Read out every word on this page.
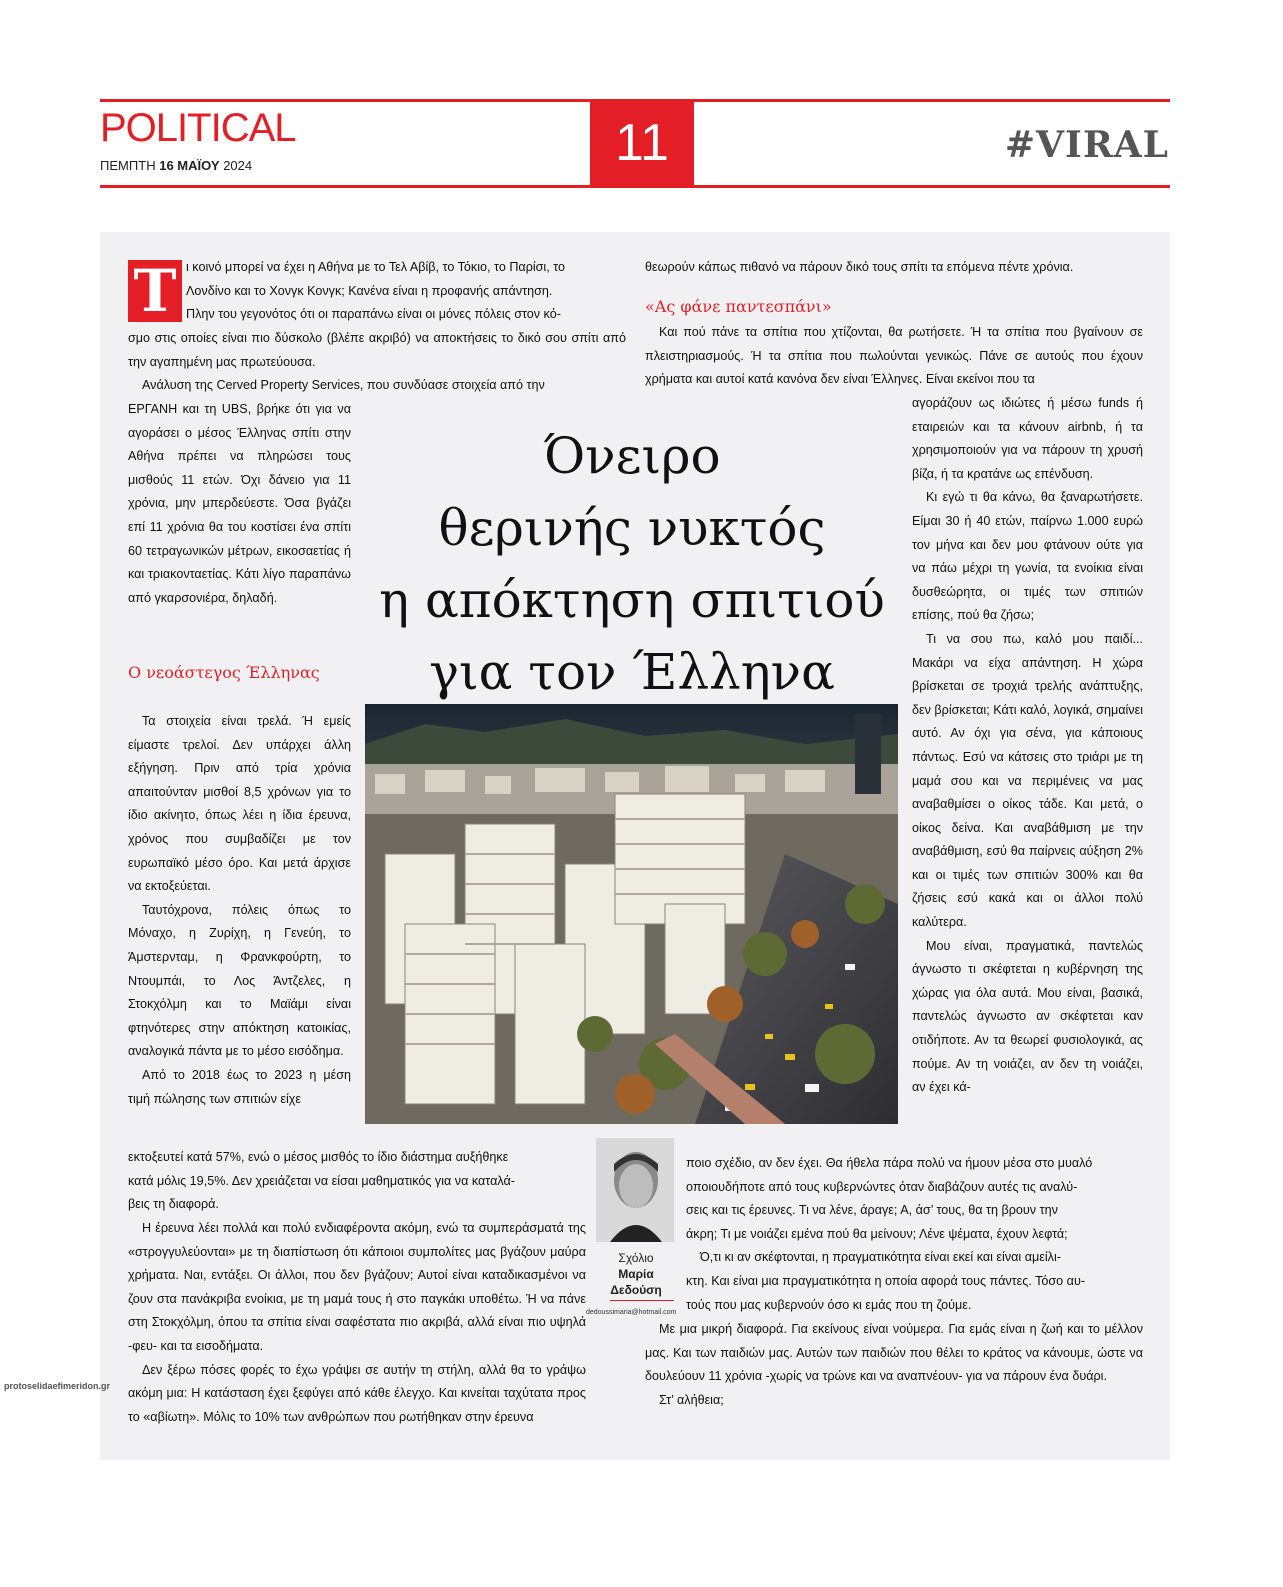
POLITICAL
ΠΕΜΠΤΗ 16 ΜΑΪΟΥ 2024	11	#VIRAL
Τ ι κοινό μπορεί να έχει η Αθήνα με το Τελ Αβίβ, το Τόκιο, το Παρίσι, το
Λονδίνο και το Χονγκ Κονγκ; Κανένα είναι η προφανής απάντηση.
Πλην του γεγονότος ότι οι παραπάνω είναι οι μόνες πόλεις στον κό-

σμο στις οποίες είναι πιο δύσκολο (βλέπε ακριβό) να αποκτήσεις το δικό σου σπίτι από την αγαπημένη μας πρωτεύουσα.

Ανάλυση της Cerved Property Services, που συνδύασε στοιχεία από την

ΕΡΓΑΝΗ και τη UBS, βρήκε ότι για να αγοράσει ο μέσος Έλληνας σπίτι στην Αθήνα πρέπει να πληρώσει τους μισθούς 11 ετών. Όχι δάνειο για 11 χρόνια, μην μπερδεύεστε. Όσα βγάζει επί 11 χρόνια θα του κοστίσει ένα σπίτι 60 τετραγωνικών μέτρων, εικοσαετίας ή και τριακονταετίας. Κάτι λίγο παραπάνω από γκαρσονιέρα, δηλαδή.

Ο νεοάστεγος Έλληνας

Τα στοιχεία είναι τρελά. Ή εμείς είμαστε τρελοί. Δεν υπάρχει άλλη εξήγηση. Πριν από τρία χρόνια απαιτούνταν μισθοί 8,5 χρόνων για το ίδιο ακίνητο, όπως λέει η ίδια έρευνα, χρόνος που συμβαδίζει με τον ευρωπαϊκό μέσο όρο. Και μετά άρχισε να εκτοξεύεται.

Ταυτόχρονα, πόλεις όπως το Μόναχο, η Ζυρίχη, η Γενεύη, το Άμστερνταμ, η Φρανκφούρτη, το Ντουμπάι, το Λος Άντζελες, η Στοκχόλμη και το Μαϊάμι είναι φτηνότερες στην απόκτηση κατοικίας, αναλογικά πάντα με το μέσο εισόδημα.

Από το 2018 έως το 2023 η μέση τιμή πώλησης των σπιτιών είχε

εκτοξευτεί κατά 57%, ενώ ο μέσος μισθός το ίδιο διάστημα αυξήθηκε
κατά μόλις 19,5%. Δεν χρειάζεται να είσαι μαθηματικός για να καταλά-
βεις τη διαφορά.

Η έρευνα λέει πολλά και πολύ ενδιαφέροντα ακόμη, ενώ τα συμπεράσματά της «στρογγυλεύονται» με τη διαπίστωση ότι κάποιοι συμπολίτες μας βγάζουν μαύρα χρήματα. Ναι, εντάξει. Οι άλλοι, που δεν βγάζουν; Αυτοί είναι καταδικασμένοι να ζουν στα πανάκριβα ενοίκια, με τη μαμά τους ή στο παγκάκι υποθέτω. Ή να πάνε στη Στοκχόλμη, όπου τα σπίτια είναι σαφέστατα πιο ακριβά, αλλά είναι πιο υψηλά -φευ- και τα εισοδήματα.

Δεν ξέρω πόσες φορές το έχω γράψει σε αυτήν τη στήλη, αλλά θα το γράψω ακόμη μια: Η κατάσταση έχει ξεφύγει από κάθε έλεγχο. Και κινείται ταχύτατα προς το «αβίωτη». Μόλις το 10% των ανθρώπων που ρωτήθηκαν στην έρευνα

Όνειρο
θερινής νυκτός
η απόκτηση σπιτιού
για τον Έλληνα

θεωρούν κάπως πιθανό να πάρουν δικό τους σπίτι τα επόμενα πέντε χρόνια.

«Ας φάνε παντεσπάνι»

Και πού πάνε τα σπίτια που χτίζονται, θα ρωτήσετε. Ή τα σπίτια που βγαίνουν σε πλειστηριασμούς. Ή τα σπίτια που πωλούνται γενικώς. Πάνε σε αυτούς που έχουν χρήματα και αυτοί κατά κανόνα δεν είναι Έλληνες. Είναι εκείνοι που τα

αγοράζουν ως ιδιώτες ή μέσω funds ή εταιρειών και τα κάνουν airbnb, ή τα χρησιμοποιούν για να πάρουν τη χρυσή βίζα, ή τα κρατάνε ως επένδυση.

Κι εγώ τι θα κάνω, θα ξαναρωτήσετε. Είμαι 30 ή 40 ετών, παίρνω 1.000 ευρώ τον μήνα και δεν μου φτάνουν ούτε για να πάω μέχρι τη γωνία, τα ενοίκια είναι δυσθεώρητα, οι τιμές των σπιτιών επίσης, πού θα ζήσω;

Τι να σου πω, καλό μου παιδί... Μακάρι να είχα απάντηση. Η χώρα βρίσκεται σε τροχιά τρελής ανάπτυξης, δεν βρίσκεται; Κάτι καλό, λογικά, σημαίνει αυτό. Αν όχι για σένα, για κάποιους πάντως. Εσύ να κάτσεις στο τριάρι με τη μαμά σου και να περιμένεις να μας αναβαθμίσει ο οίκος τάδε. Και μετά, ο οίκος δείνα. Και αναβάθμιση με την αναβάθμιση, εσύ θα παίρνεις αύξηση 2% και οι τιμές των σπιτιών 300% και θα ζήσεις εσύ κακά και οι άλλοι πολύ καλύτερα.

Μου είναι, πραγματικά, παντελώς άγνωστο τι σκέφτεται η κυβέρνηση της χώρας για όλα αυτά. Μου είναι, βασικά, παντελώς άγνωστο αν σκέφτεται καν οτιδήποτε. Αν τα θεωρεί φυσιολογικά, ας πούμε. Αν τη νοιάζει, αν δεν τη νοιάζει, αν έχει κά-

ποιο σχέδιο, αν δεν έχει. Θα ήθελα πάρα πολύ να ήμουν μέσα στο μυαλό
οποιουδήποτε από τους κυβερνώντες όταν διαβάζουν αυτές τις αναλύ-
σεις και τις έρευνες. Τι να λένε, άραγε; Α, άσ’ τους, θα τη βρουν την
άκρη; Τι με νοιάζει εμένα πού θα μείνουν; Λένε ψέματα, έχουν λεφτά;
Ό,τι κι αν σκέφτονται, η πραγματικότητα είναι εκεί και είναι αμείλι-
κτη. Και είναι μια πραγματικότητα η οποία αφορά τους πάντες. Τόσο αυ-
τούς που μας κυβερνούν όσο κι εμάς που τη ζούμε.

Με μια μικρή διαφορά. Για εκείνους είναι νούμερα. Για εμάς είναι η ζωή και το μέλλον μας. Και των παιδιών μας. Αυτών των παιδιών που θέλει το κράτος να κάνουμε, ώστε να δουλεύουν 11 χρόνια -χωρίς να τρώνε και να αναπνέουν- για να πάρουν ένα δυάρι.

Στ’ αλήθεια;

Σχόλιο
Μαρία
Δεδούση
dedoussimaria@hotmail.com
protoselidaefimeridon.gr
